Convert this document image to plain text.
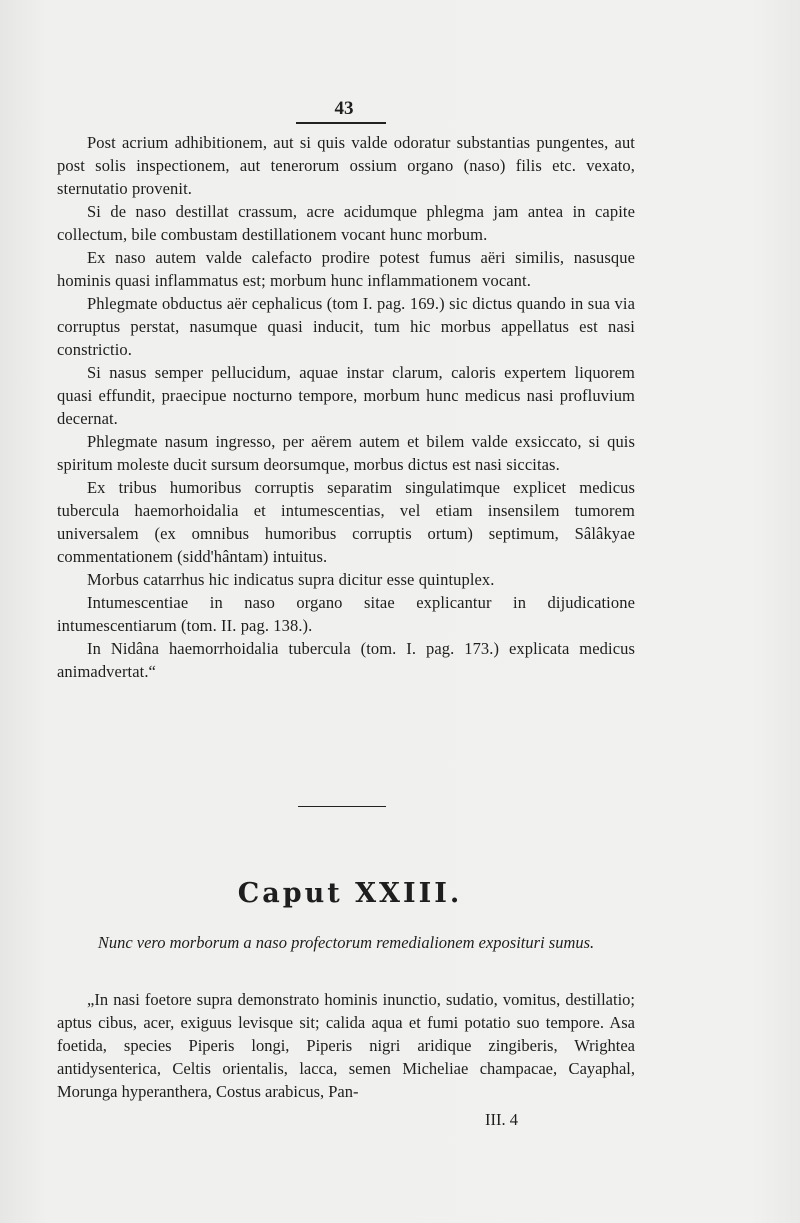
43

Post acrium adhibitionem, aut si quis valde odoratur substantias pungentes, aut post solis inspectionem, aut tenerorum ossium organo (naso) filis etc. vexato, sternutatio provenit.

Si de naso destillat crassum, acre acidumque phlegma jam antea in capite collectum, bile combustam destillationem vocant hunc morbum.

Ex naso autem valde calefacto prodire potest fumus aëri similis, nasusque hominis quasi inflammatus est; morbum hunc inflammationem vocant.

Phlegmate obductus aër cephalicus (tom I. pag. 169.) sic dictus quando in sua via corruptus perstat, nasumque quasi inducit, tum hic morbus appellatus est nasi constrictio.

Si nasus semper pellucidum, aquae instar clarum, caloris expertem liquorem quasi effundit, praecipue nocturno tempore, morbum hunc medicus nasi profluvium decernat.

Phlegmate nasum ingresso, per aërem autem et bilem valde exsiccato, si quis spiritum moleste ducit sursum deorsumque, morbus dictus est nasi siccitas.

Ex tribus humoribus corruptis separatim singulatimque explicet medicus tubercula haemorhoidalia et intumescentias, vel etiam insensilem tumorem universalem (ex omnibus humoribus corruptis ortum) septimum, Sâlâkyae commentationem (sidd'hântam) intuitus.

Morbus catarrhus hic indicatus supra dicitur esse quintuplex.

Intumescentiae in naso organo sitae explicantur in dijudicatione intumescentiarum (tom. II. pag. 138.).

In Nidâna haemorrhoidalia tubercula (tom. I. pag. 173.) explicata medicus animadvertat.“

Caput XXIII.
Nunc vero morborum a naso profectorum remedialionem exposituri sumus.

„In nasi foetore supra demonstrato hominis inunctio, sudatio, vomitus, destillatio; aptus cibus, acer, exiguus levisque sit; calida aqua et fumi potatio suo tempore. Asa foetida, species Piperis longi, Piperis nigri aridique zingiberis, Wrightea antidysenterica, Celtis orientalis, lacca, semen Micheliae champacae, Cayaphal, Morunga hyperanthera, Costus arabicus, Pan-

III. 4
